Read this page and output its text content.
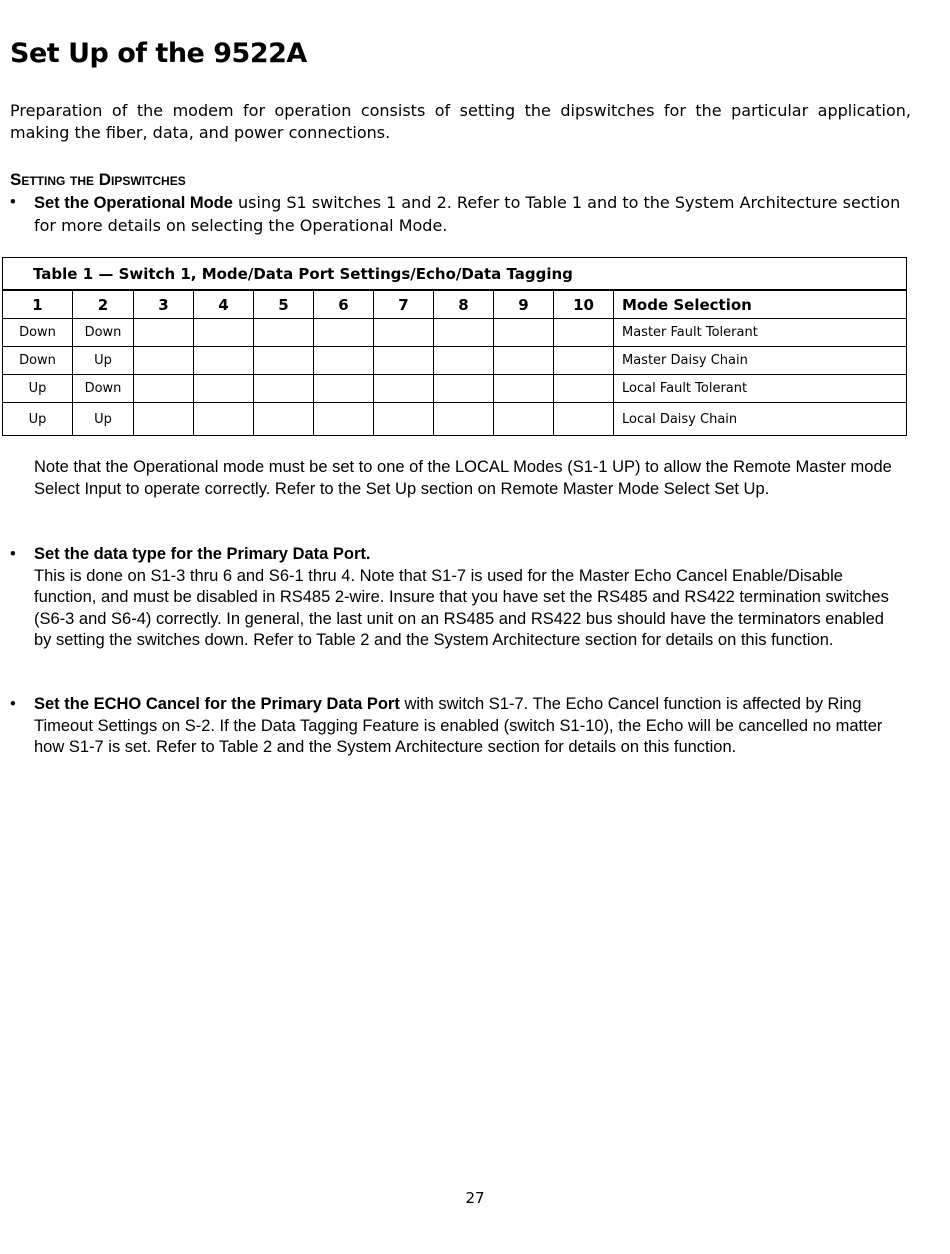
Set Up of the 9522A

Preparation of the modem for operation consists of setting the dipswitches for the particular application, making the fiber, data, and power connections.

Setting the Dipswitches
• Set the Operational Mode using S1 switches 1 and 2. Refer to Table 1 and to the System Architecture section for more details on selecting the Operational Mode.
Table 1 — Switch 1, Mode/Data Port Settings/Echo/Data Tagging										
1	2	3	4	5	6	7	8	9	10	Mode Selection
Down	Down									Master Fault Tolerant
Down	Up									Master Daisy Chain
Up	Down									Local Fault Tolerant
Up	Up									Local Daisy Chain

Note that the Operational mode must be set to one of the LOCAL Modes (S1-1 UP) to allow the Remote Master mode Select Input to operate correctly. Refer to the Set Up section on Remote Master Mode Select Set Up.

• Set the data type for the Primary Data Port.
This is done on S1-3 thru 6 and S6-1 thru 4. Note that S1-7 is used for the Master Echo Cancel Enable/Disable function, and must be disabled in RS485 2-wire. Insure that you have set the RS485 and RS422 termination switches (S6-3 and S6-4) correctly. In general, the last unit on an RS485 and RS422 bus should have the terminators enabled by setting the switches down. Refer to Table 2 and the System Architecture section for details on this function.
• Set the ECHO Cancel for the Primary Data Port with switch S1-7. The Echo Cancel function is affected by Ring Timeout Settings on S-2. If the Data Tagging Feature is enabled (switch S1-10), the Echo will be cancelled no matter how S1-7 is set. Refer to Table 2 and the System Architecture section for details on this function.
27
